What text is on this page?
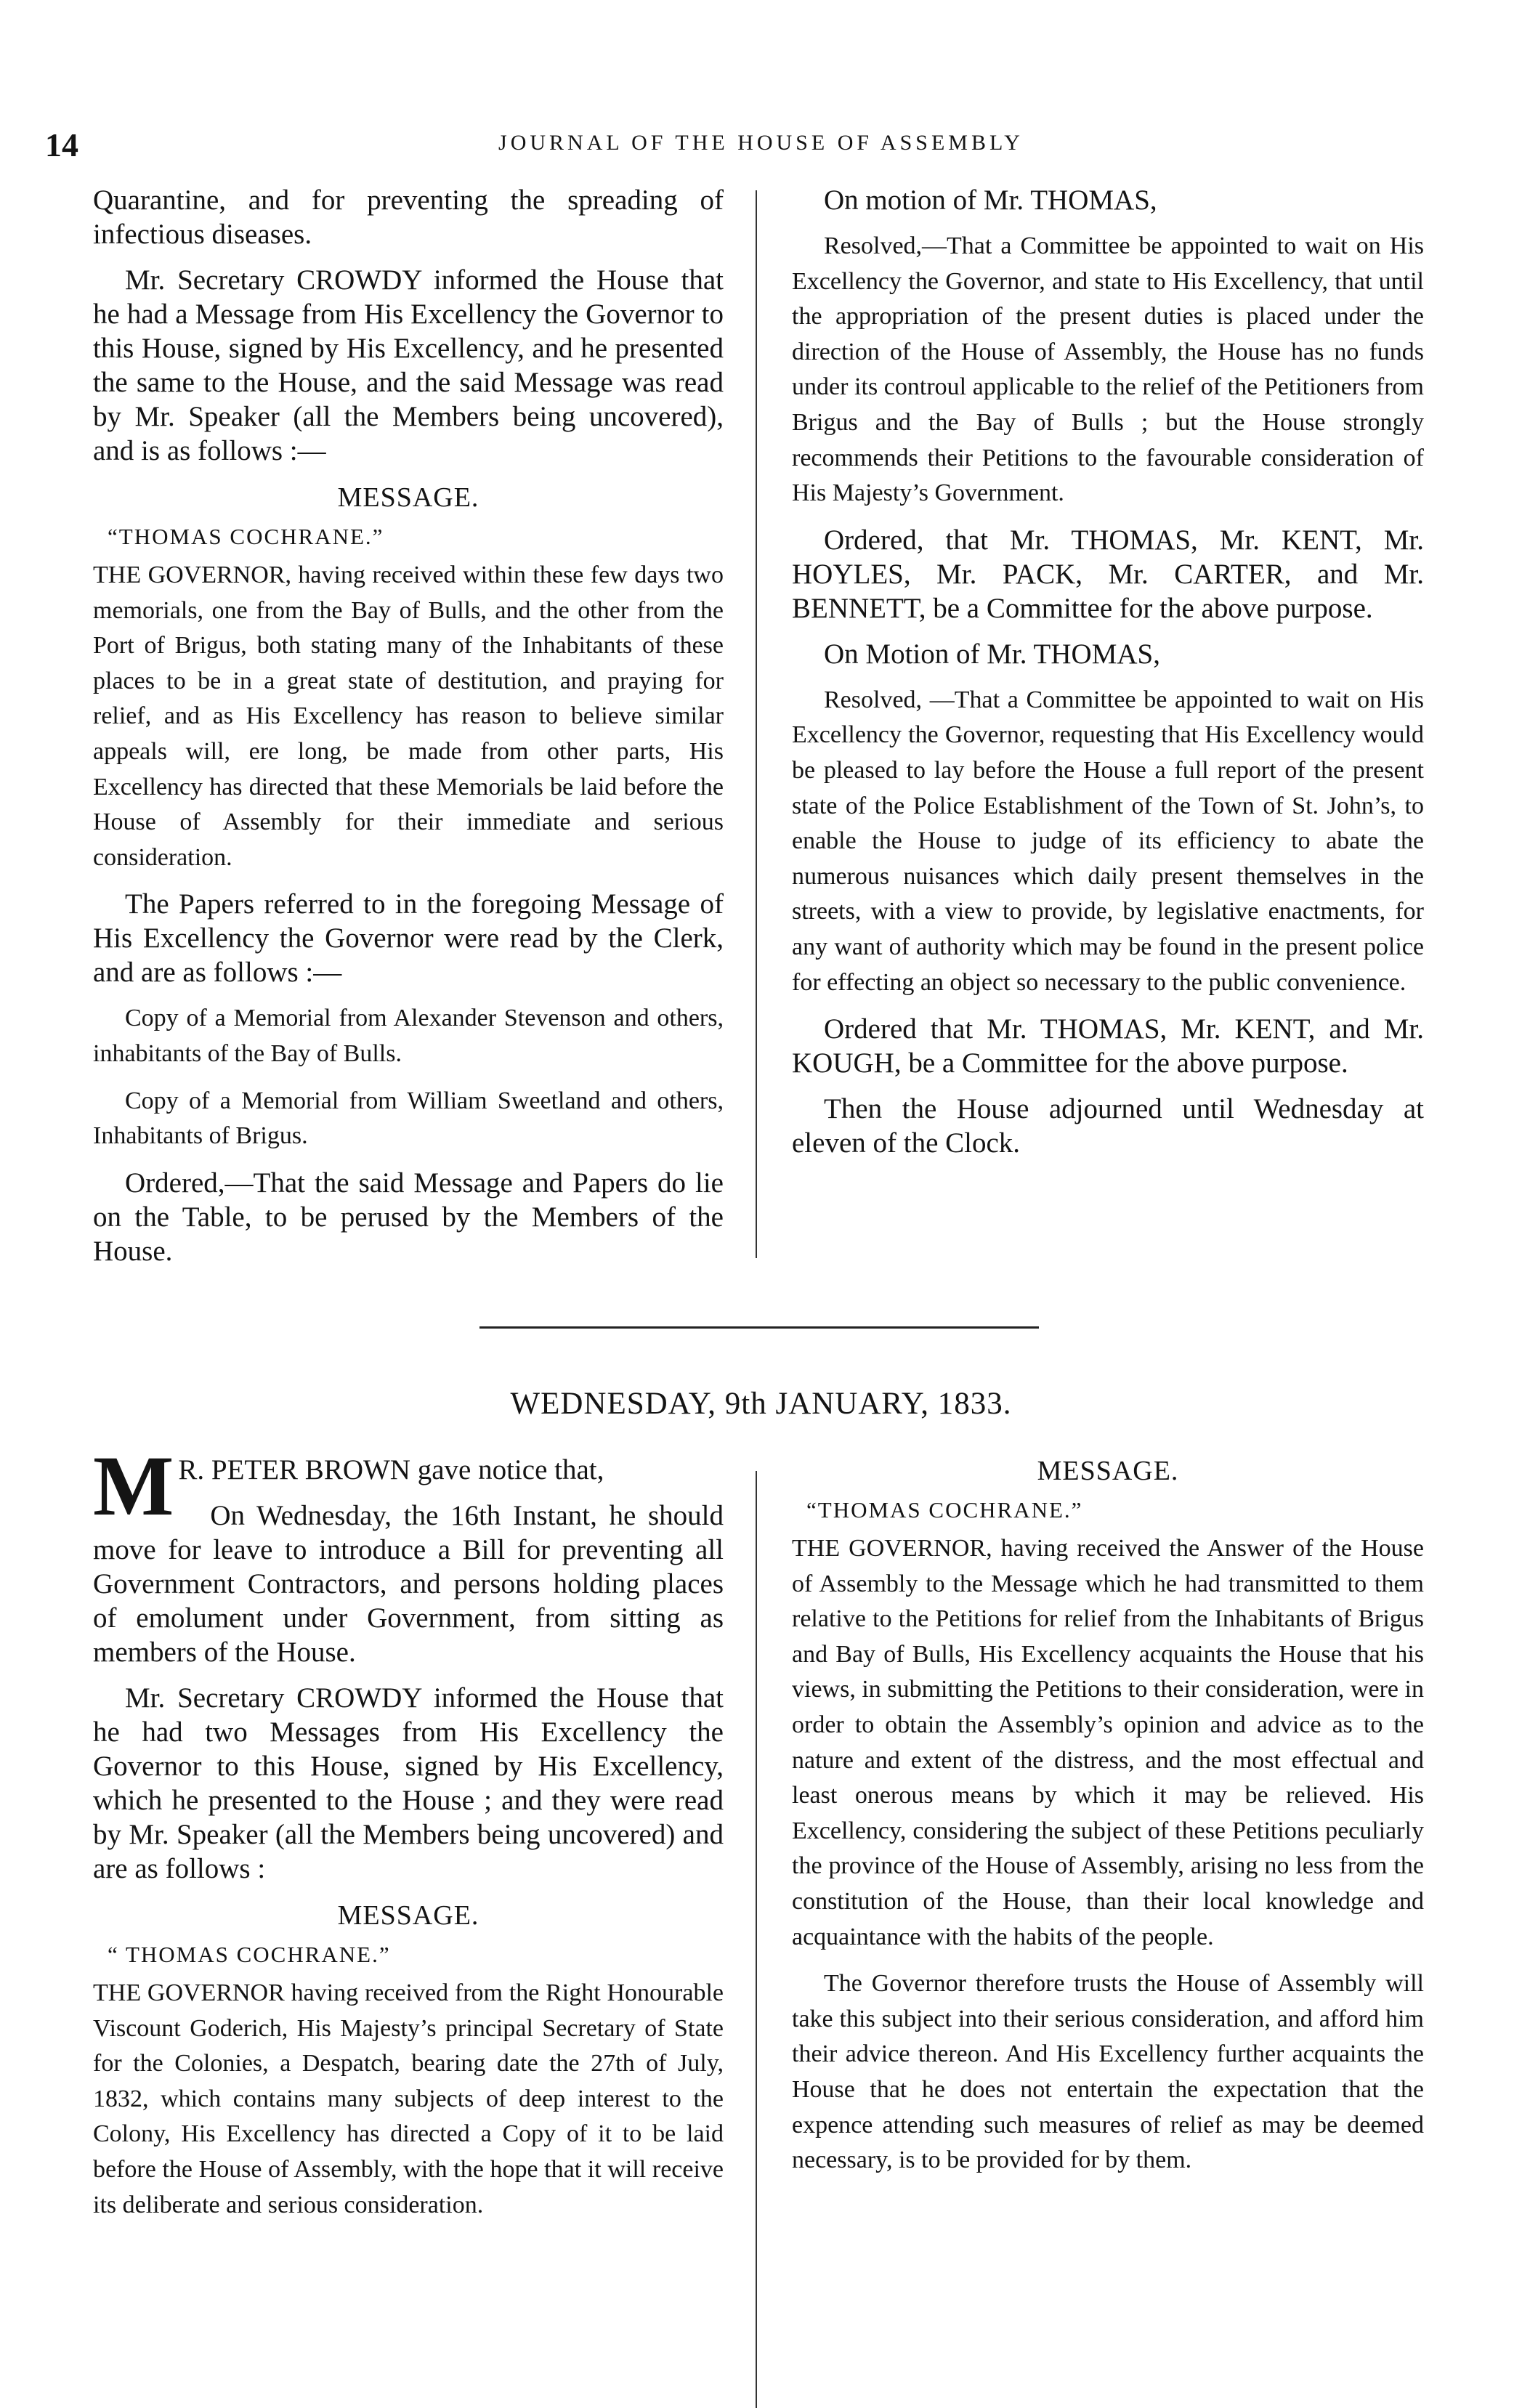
14	JOURNAL OF THE HOUSE OF ASSEMBLY

Quarantine, and for preventing the spreading of infectious diseases.

Mr. Secretary CROWDY informed the House that he had a Message from His Excellency the Governor to this House, signed by His Excellency, and he presented the same to the House, and the said Message was read by Mr. Speaker (all the Members being uncovered), and is as follows :—

MESSAGE.
“THOMAS COCHRANE.”

THE GOVERNOR, having received within these few days two memorials, one from the Bay of Bulls, and the other from the Port of Brigus, both stating many of the Inhabitants of these places to be in a great state of destitution, and praying for relief, and as His Excellency has reason to believe similar appeals will, ere long, be made from other parts, His Excellency has directed that these Memorials be laid before the House of Assembly for their immediate and serious consideration.

The Papers referred to in the foregoing Message of His Excellency the Governor were read by the Clerk, and are as follows :—

Copy of a Memorial from Alexander Stevenson and others, inhabitants of the Bay of Bulls.

Copy of a Memorial from William Sweetland and others, Inhabitants of Brigus.

Ordered,—That the said Message and Papers do lie on the Table, to be perused by the Members of the House.

On motion of Mr. THOMAS,

Resolved,—That a Committee be appointed to wait on His Excellency the Governor, and state to His Excellency, that until the appropriation of the present duties is placed under the direction of the House of Assembly, the House has no funds under its controul applicable to the relief of the Petitioners from Brigus and the Bay of Bulls ; but the House strongly recommends their Petitions to the favourable consideration of His Majesty’s Government.

Ordered, that Mr. THOMAS, Mr. KENT, Mr. HOYLES, Mr. PACK, Mr. CARTER, and Mr. BENNETT, be a Committee for the above purpose.

On Motion of Mr. THOMAS,

Resolved, —That a Committee be appointed to wait on His Excellency the Governor, requesting that His Excellency would be pleased to lay before the House a full report of the present state of the Police Establishment of the Town of St. John’s, to enable the House to judge of its efficiency to abate the numerous nuisances which daily present themselves in the streets, with a view to provide, by legislative enactments, for any want of authority which may be found in the present police for effecting an object so necessary to the public convenience.

Ordered that Mr. THOMAS, Mr. KENT, and Mr. KOUGH, be a Committee for the above purpose.

Then the House adjourned until Wednesday at eleven of the Clock.

WEDNESDAY, 9th JANUARY, 1833.

M R. PETER BROWN gave notice that,

On Wednesday, the 16th Instant, he should move for leave to introduce a Bill for preventing all Government Contractors, and persons holding places of emolument under Government, from sitting as members of the House.

Mr. Secretary CROWDY informed the House that he had two Messages from His Excellency the Governor to this House, signed by His Excellency, which he presented to the House ; and they were read by Mr. Speaker (all the Members being uncovered) and are as follows :

MESSAGE.
“ THOMAS COCHRANE.”

THE GOVERNOR having received from the Right Honourable Viscount Goderich, His Majesty’s principal Secretary of State for the Colonies, a Despatch, bearing date the 27th of July, 1832, which contains many subjects of deep interest to the Colony, His Excellency has directed a Copy of it to be laid before the House of Assembly, with the hope that it will receive its deliberate and serious consideration.

MESSAGE.
“THOMAS COCHRANE.”

THE GOVERNOR, having received the Answer of the House of Assembly to the Message which he had transmitted to them relative to the Petitions for relief from the Inhabitants of Brigus and Bay of Bulls, His Excellency acquaints the House that his views, in submitting the Petitions to their consideration, were in order to obtain the Assembly’s opinion and advice as to the nature and extent of the distress, and the most effectual and least onerous means by which it may be relieved. His Excellency, considering the subject of these Petitions peculiarly the province of the House of Assembly, arising no less from the constitution of the House, than their local knowledge and acquaintance with the habits of the people.

The Governor therefore trusts the House of Assembly will take this subject into their serious consideration, and afford him their advice thereon. And His Excellency further acquaints the House that he does not entertain the expectation that the expence attending such measures of relief as may be deemed necessary, is to be provided for by them.
